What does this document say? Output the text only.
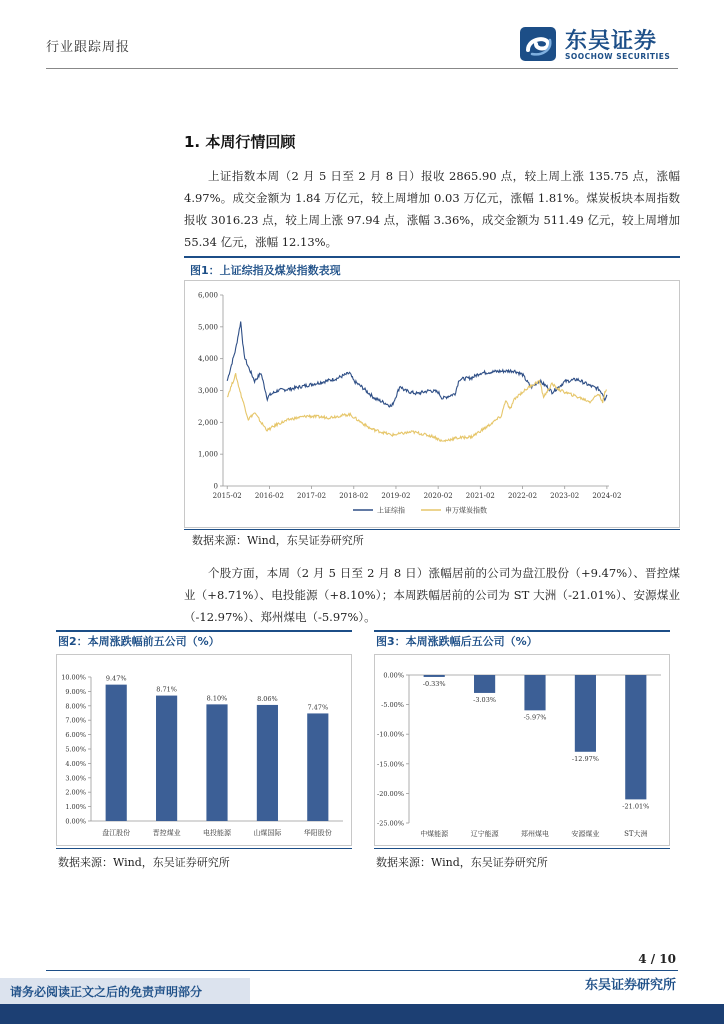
行业跟踪周报	东吴证券
SOOCHOW SECURITIES
1. 本周行情回顾

上证指数本周（2 月 5 日至 2 月 8 日）报收 2865.90 点，较上周上涨 135.75 点，涨幅 4.97%。成交金额为 1.84 万亿元，较上周增加 0.03 万亿元，涨幅 1.81%。煤炭板块本周指数报收 3016.23 点，较上周上涨 97.94 点，涨幅 3.36%，成交金额为 511.49 亿元，较上周增加 55.34 亿元，涨幅 12.13%。

图1：上证综指及煤炭指数表现
0
1,000
2,000
3,000
4,000
5,000
6,000
2015-02 2016-02 2017-02 2018-02 2019-02 2020-02 2021-02 2022-02 2023-02 2024-02
上证综指	申万煤炭指数
数据来源：Wind，东吴证券研究所

个股方面，本周（2 月 5 日至 2 月 8 日）涨幅居前的公司为盘江股份（+9.47%）、晋控煤业（+8.71%）、电投能源（+8.10%）；本周跌幅居前的公司为 ST 大洲（-21.01%）、安源煤业（-12.97%）、郑州煤电（-5.97%）。

图2：本周涨跌幅前五公司（%）
0.00%
1.00%
2.00%
3.00%
4.00%
5.00%
6.00%
7.00%
8.00%
9.00%
10.00%	9.47%
盘江股份
8.71%
晋控煤业
8.10%
电投能源
8.06%
山煤国际
7.47%
华阳股份
数据来源：Wind，东吴证券研究所
图3：本周涨跌幅后五公司（%）
0.00%
-5.00%
-10.00%
-15.00%
-20.00%
-25.00%
-0.33%
中煤能源
-3.03%
辽宁能源
-5.97%
郑州煤电
-12.97%
安源煤业
-21.01%
ST大洲
数据来源：Wind，东吴证券研究所
4 / 10
东吴证券研究所
请务必阅读正文之后的免责声明部分
